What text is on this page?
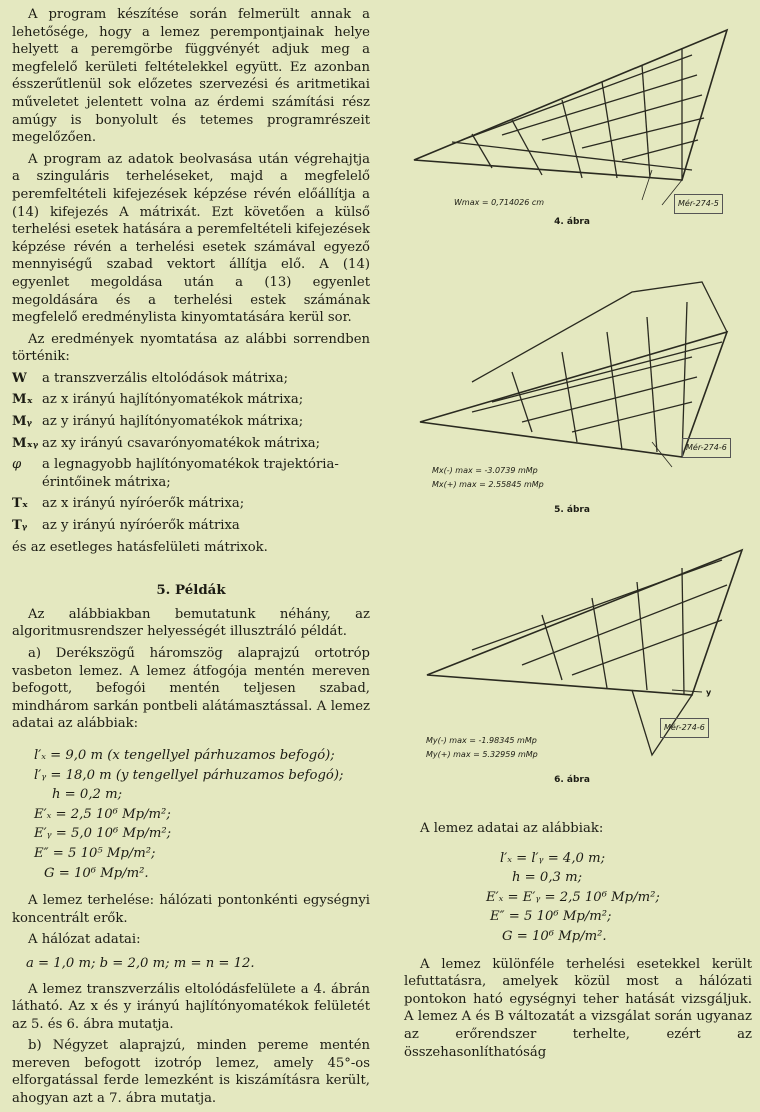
A program készítése során felmerült annak a lehetősége, hogy a lemez perempontjainak helye helyett a peremgörbe függvényét adjuk meg a megfelelő kerületi feltételekkel együtt. Ez azonban ésszerűtlenül sok előzetes szervezési és aritmetikai műveletet jelentett volna az érdemi számítási rész amúgy is bonyolult és tetemes programrészeit megelőzően.

A program az adatok beolvasása után végrehajtja a szinguláris terheléseket, majd a megfelelő peremfeltételi kifejezések képzése révén előállítja a (14) kifejezés A mátrixát. Ezt követően a külső terhelési esetek hatására a peremfeltételi kifejezések képzése révén a terhelési esetek számával egyező mennyiségű szabad vektort állítja elő. A (14) egyenlet megoldása után a (13) egyenlet megoldására és a terhelési estek számának megfelelő eredménylista kinyomtatására kerül sor.

Az eredmények nyomtatása az alábbi sorrendben történik:

W	a transzverzális eltolódások mátrixa;
Mₓ az x irányú hajlítónyomatékok mátrixa;
Mᵧ az y irányú hajlítónyomatékok mátrixa;
Mₓᵧ az xy irányú csavarónyomatékok mátrixa;
φ	a legnagyobb hajlítónyomatékok trajektória-érintőinek mátrixa;
Tₓ	az x irányú nyíróerők mátrixa;
Tᵧ	az y irányú nyíróerők mátrixa

és az esetleges hatásfelületi mátrixok.

5. Példák

Az alábbiakban bemutatunk néhány, az algoritmusrendszer helyességét illusztráló példát.

a) Derékszögű háromszög alaprajzú ortotróp vasbeton lemez. A lemez átfogója mentén mereven befogott, befogói mentén teljesen szabad, mindhárom sarkán pontbeli alátámasztással. A lemez adatai az alábbiak:

l′ₓ = 9,0 m (x tengellyel párhuzamos befogó);
l′ᵧ = 18,0 m (y tengellyel párhuzamos befogó);
h = 0,2 m;
E′ₓ = 2,5 10⁶ Mp/m²;
E′ᵧ = 5,0 10⁶ Mp/m²;
E″ = 5 10⁵ Mp/m²;
G = 10⁶ Mp/m².

A lemez terhelése: hálózati pontonkénti egységnyi koncentrált erők.

A hálózat adatai:

a = 1,0 m; b = 2,0 m; m = n = 12.

A lemez transzverzális eltolódásfelülete a 4. ábrán látható. Az x és y irányú hajlítónyomatékok felületét az 5. és 6. ábra mutatja.

b) Négyzet alaprajzú, minden pereme mentén mereven befogott izotróp lemez, amely 45°-os elforgatással ferde lemezként is kiszámításra került, ahogyan azt a 7. ábra mutatja.

Wmax = 0,714026 cm	Mér-274-5
4. ábra
Mér-274-6
Mx(-) max = -3.0739 mMp
Mx(+) max = 2.55845 mMp
5. ábra
y
Mér-274-6
My(-) max = -1.98345 mMp
My(+) max = 5.32959 mMp
6. ábra

A lemez adatai az alábbiak:

l′ₓ = l′ᵧ = 4,0 m;
h = 0,3 m;
E′ₓ = E′ᵧ = 2,5 10⁶ Mp/m²;
E″ = 5 10⁶ Mp/m²;
G = 10⁶ Mp/m².

A lemez különféle terhelési esetekkel került lefuttatásra, amelyek közül most a hálózati pontokon ható egységnyi teher hatását vizsgáljuk. A lemez A és B változatát a vizsgálat során ugyanaz az erőrendszer terhelte, ezért az összehasonlíthatóság
